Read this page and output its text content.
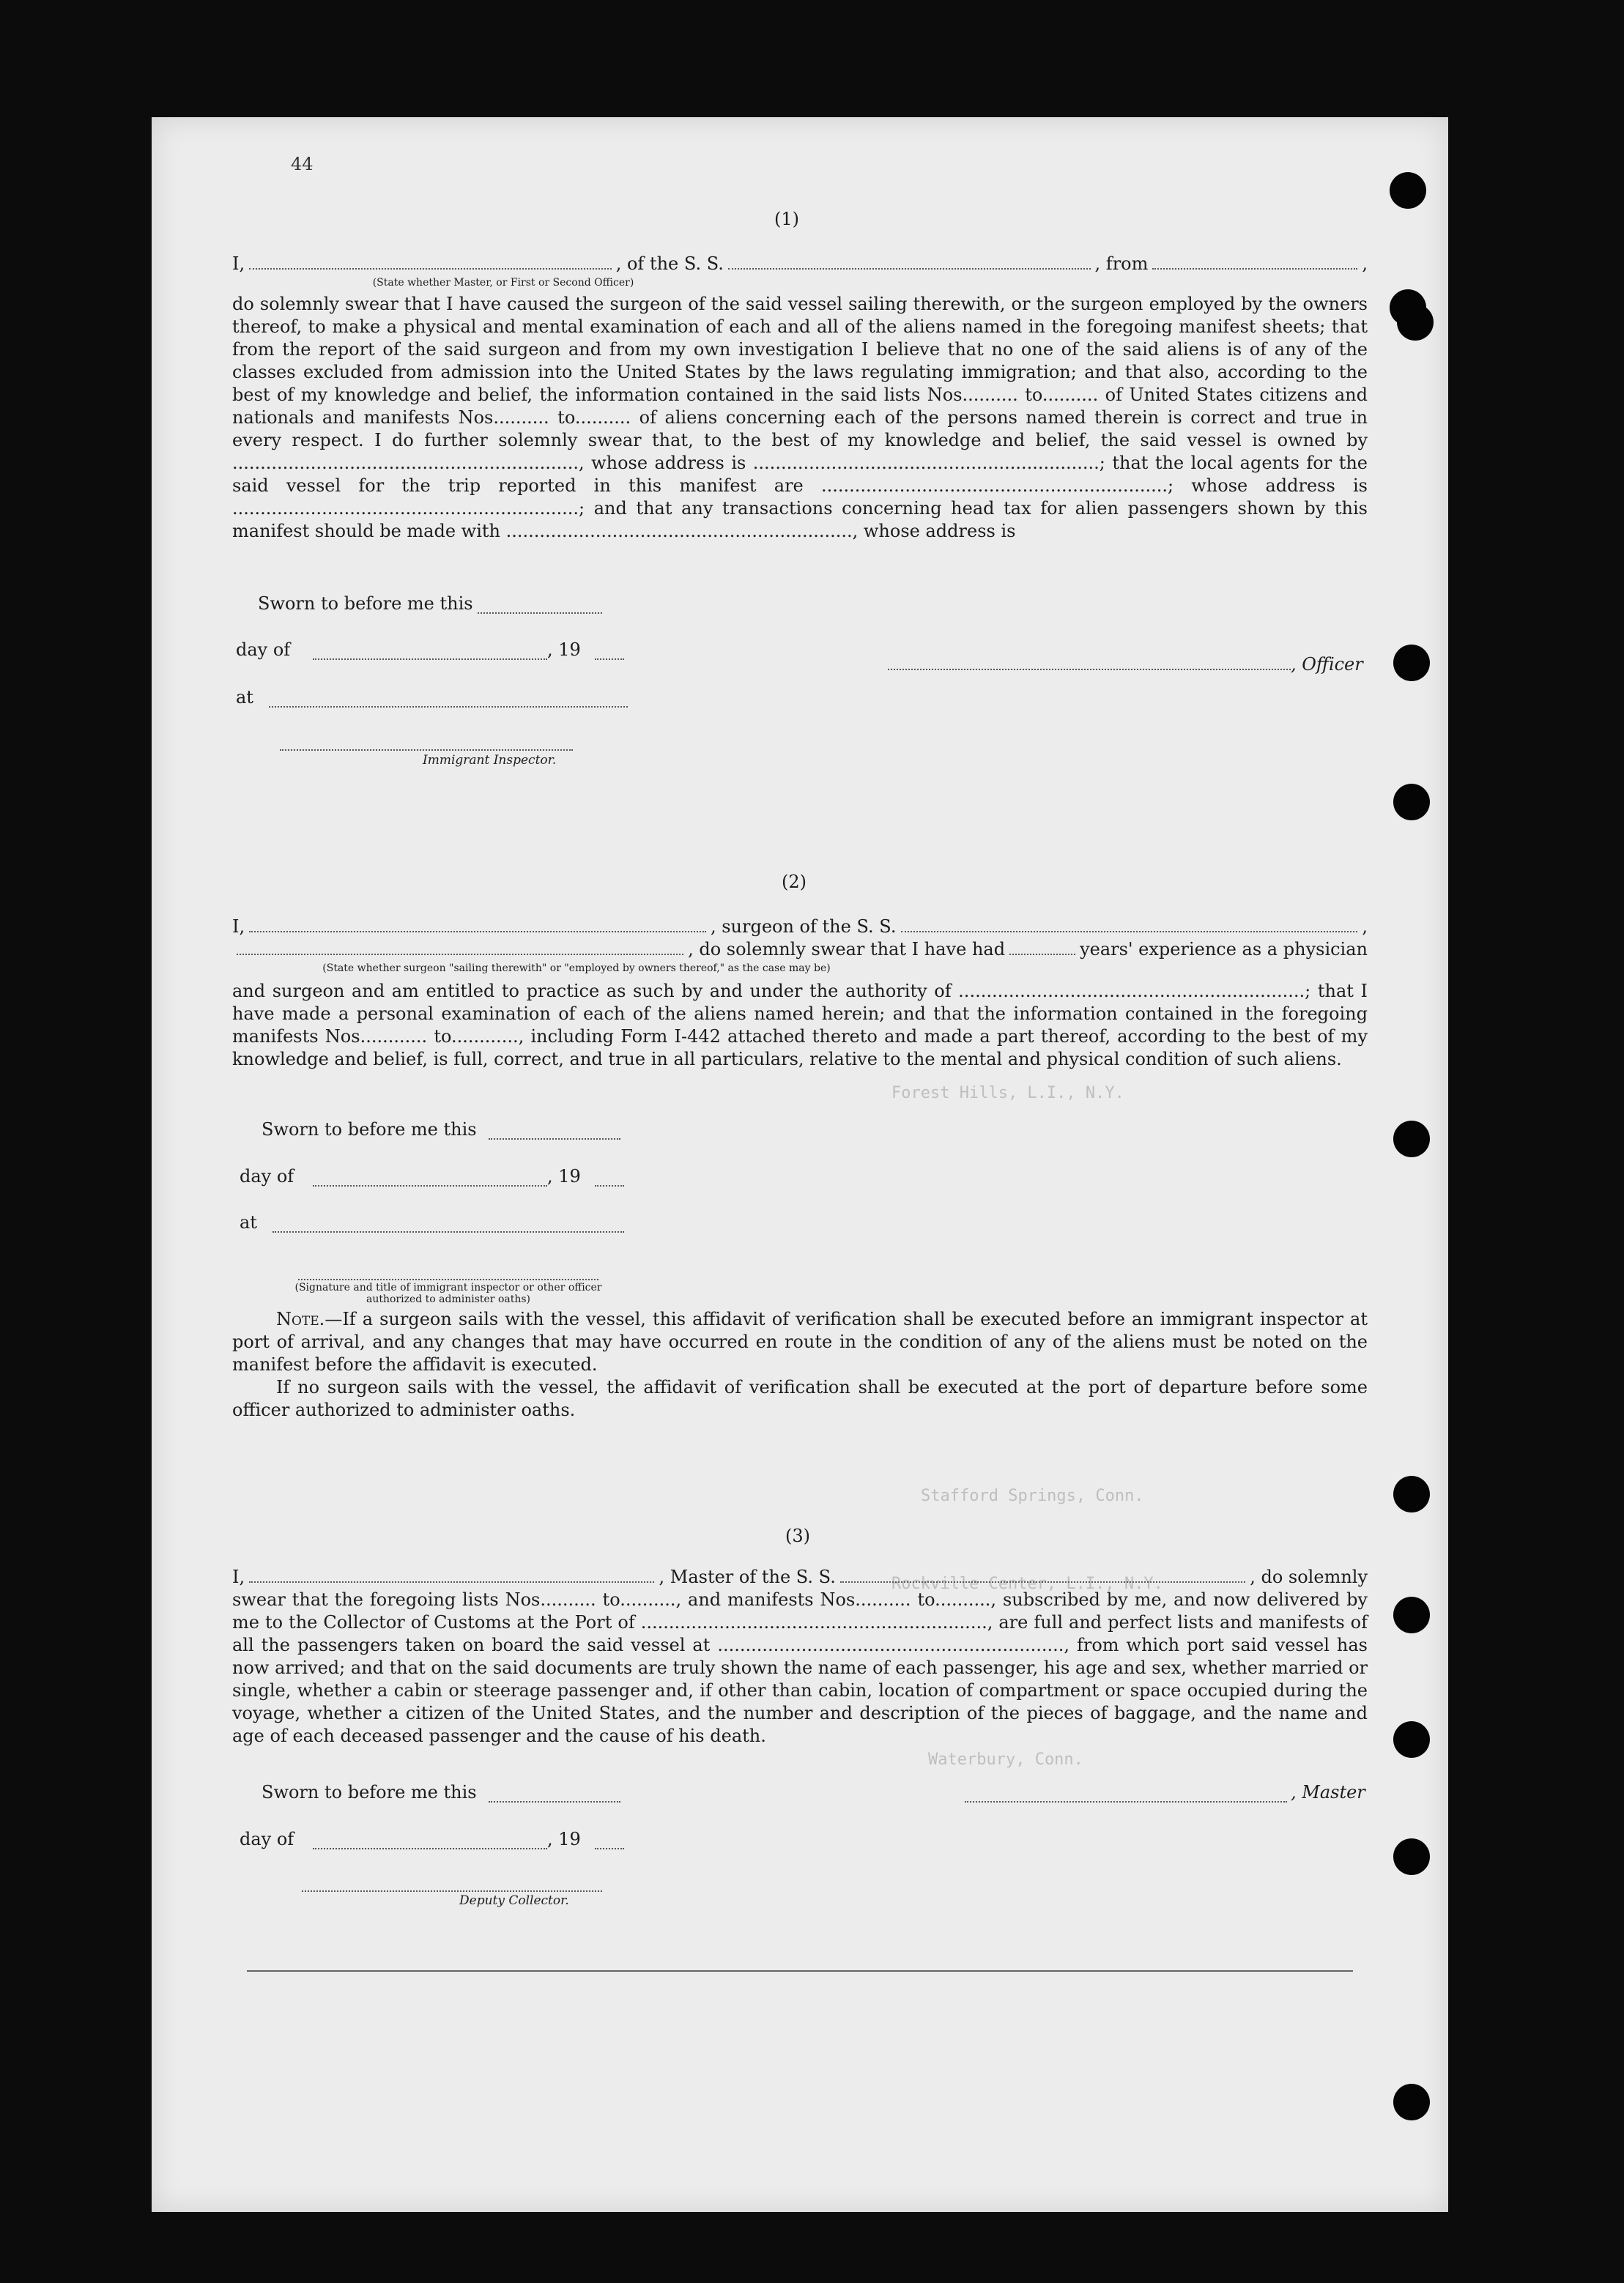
44
Forest Hills, L.I., N.Y.
Stafford Springs, Conn.
Rockville Center, L.I., N.Y.
Waterbury, Conn.
(1)
I,	, of the S. S.	, from	,
(State whether Master, or First or Second Officer)

do solemnly swear that I have caused the surgeon of the said vessel sailing therewith, or the surgeon employed by the owners thereof, to make a physical and mental examination of each and all of the aliens named in the foregoing manifest sheets; that from the report of the said surgeon and from my own investigation I believe that no one of the said aliens is of any of the classes excluded from admission into the United States by the laws regulating immigration; and that also, according to the best of my knowledge and belief, the information contained in the said lists Nos.......... to.......... of United States citizens and nationals and manifests Nos.......... to.......... of aliens concerning each of the persons named therein is correct and true in every respect. I do further solemnly swear that, to the best of my knowledge and belief, the said vessel is owned by .............................................................., whose address is ..............................................................; that the local agents for the said vessel for the trip reported in this manifest are ..............................................................; whose address is ..............................................................; and that any transactions concerning head tax for alien passengers shown by this manifest should be made with .............................................................., whose address is

Sworn to before me this
day of	, 19
, Officer
at
Immigrant Inspector.
(2)
I,	, surgeon of the S. S.	,
, do solemnly swear that I have had	years' experience as a physician
(State whether surgeon "sailing therewith" or "employed by owners thereof," as the case may be)

and surgeon and am entitled to practice as such by and under the authority of ..............................................................; that I have made a personal examination of each of the aliens named herein; and that the information contained in the foregoing manifests Nos............ to............, including Form I-442 attached thereto and made a part thereof, according to the best of my knowledge and belief, is full, correct, and true in all particulars, relative to the mental and physical condition of such aliens.

Sworn to before me this
day of	, 19
at
(Signature and title of immigrant inspector or other officer authorized to administer oaths)

Note.—If a surgeon sails with the vessel, this affidavit of verification shall be executed before an immigrant inspector at port of arrival, and any changes that may have occurred en route in the condition of any of the aliens must be noted on the manifest before the affidavit is executed.

If no surgeon sails with the vessel, the affidavit of verification shall be executed at the port of departure before some officer authorized to administer oaths.

(3)
I,	, Master of the S. S.	, do solemnly

swear that the foregoing lists Nos.......... to.........., and manifests Nos.......... to.........., subscribed by me, and now delivered by me to the Collector of Customs at the Port of .............................................................., are full and perfect lists and manifests of all the passengers taken on board the said vessel at .............................................................., from which port said vessel has now arrived; and that on the said documents are truly shown the name of each passenger, his age and sex, whether married or single, whether a cabin or steerage passenger and, if other than cabin, location of compartment or space occupied during the voyage, whether a citizen of the United States, and the number and description of the pieces of baggage, and the name and age of each deceased passenger and the cause of his death.

Sworn to before me this	, Master
day of	, 19
Deputy Collector.
